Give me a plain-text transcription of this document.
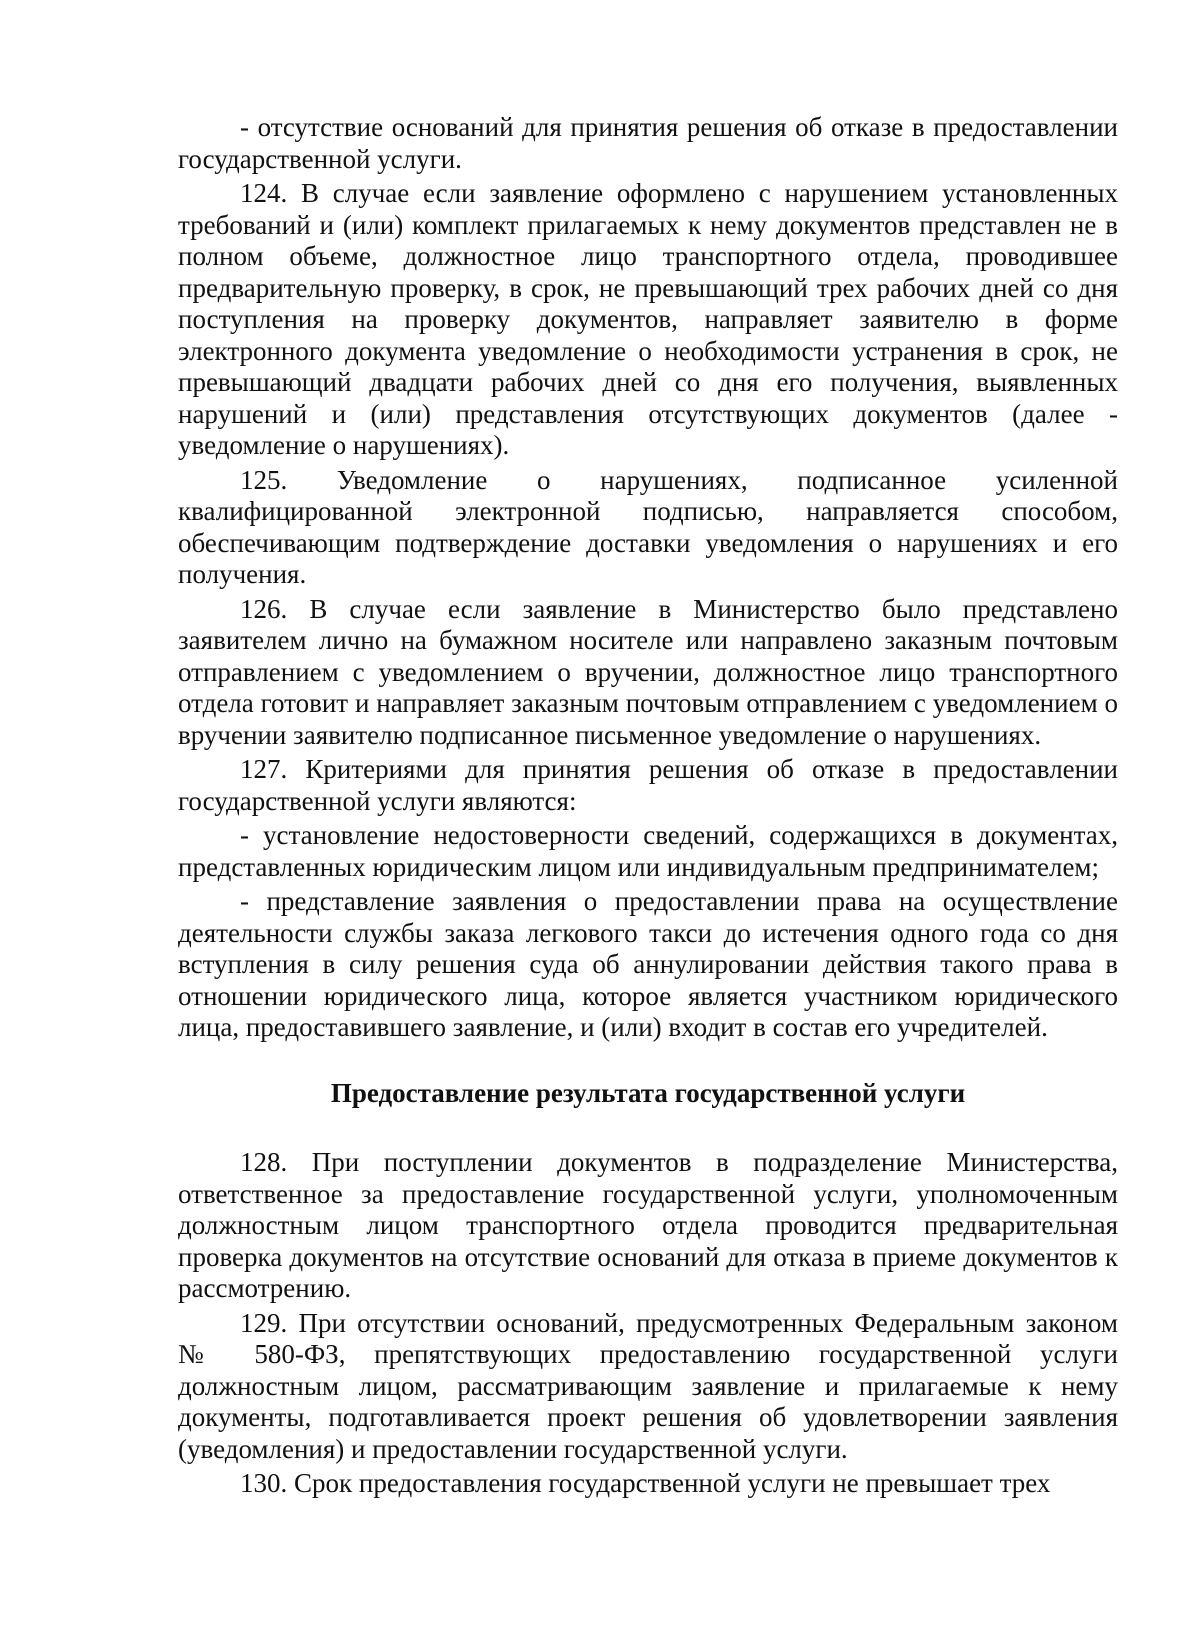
- отсутствие оснований для принятия решения об отказе в предоставлении государственной услуги.

124. В случае если заявление оформлено с нарушением установленных требований и (или) комплект прилагаемых к нему документов представлен не в полном объеме, должностное лицо транспортного отдела, проводившее предварительную проверку, в срок, не превышающий трех рабочих дней со дня поступления на проверку документов, направляет заявителю в форме электронного документа уведомление о необходимости устранения в срок, не превышающий двадцати рабочих дней со дня его получения, выявленных нарушений и (или) представления отсутствующих документов (далее - уведомление о нарушениях).

125. Уведомление о нарушениях, подписанное усиленной квалифицированной электронной подписью, направляется способом, обеспечивающим подтверждение доставки уведомления о нарушениях и его получения.

126. В случае если заявление в Министерство было представлено заявителем лично на бумажном носителе или направлено заказным почтовым отправлением с уведомлением о вручении, должностное лицо транспортного отдела готовит и направляет заказным почтовым отправлением с уведомлением о вручении заявителю подписанное письменное уведомление о нарушениях.

127. Критериями для принятия решения об отказе в предоставлении государственной услуги являются:

- установление недостоверности сведений, содержащихся в документах, представленных юридическим лицом или индивидуальным предпринимателем;

- представление заявления о предоставлении права на осуществление деятельности службы заказа легкового такси до истечения одного года со дня вступления в силу решения суда об аннулировании действия такого права в отношении юридического лица, которое является участником юридического лица, предоставившего заявление, и (или) входит в состав его учредителей.

Предоставление результата государственной услуги

128. При поступлении документов в подразделение Министерства, ответственное за предоставление государственной услуги, уполномоченным должностным лицом транспортного отдела проводится предварительная проверка документов на отсутствие оснований для отказа в приеме документов к рассмотрению.

129. При отсутствии оснований, предусмотренных Федеральным законом № 580-ФЗ, препятствующих предоставлению государственной услуги должностным лицом, рассматривающим заявление и прилагаемые к нему документы, подготавливается проект решения об удовлетворении заявления (уведомления) и предоставлении государственной услуги.

130. Срок предоставления государственной услуги не превышает трех
